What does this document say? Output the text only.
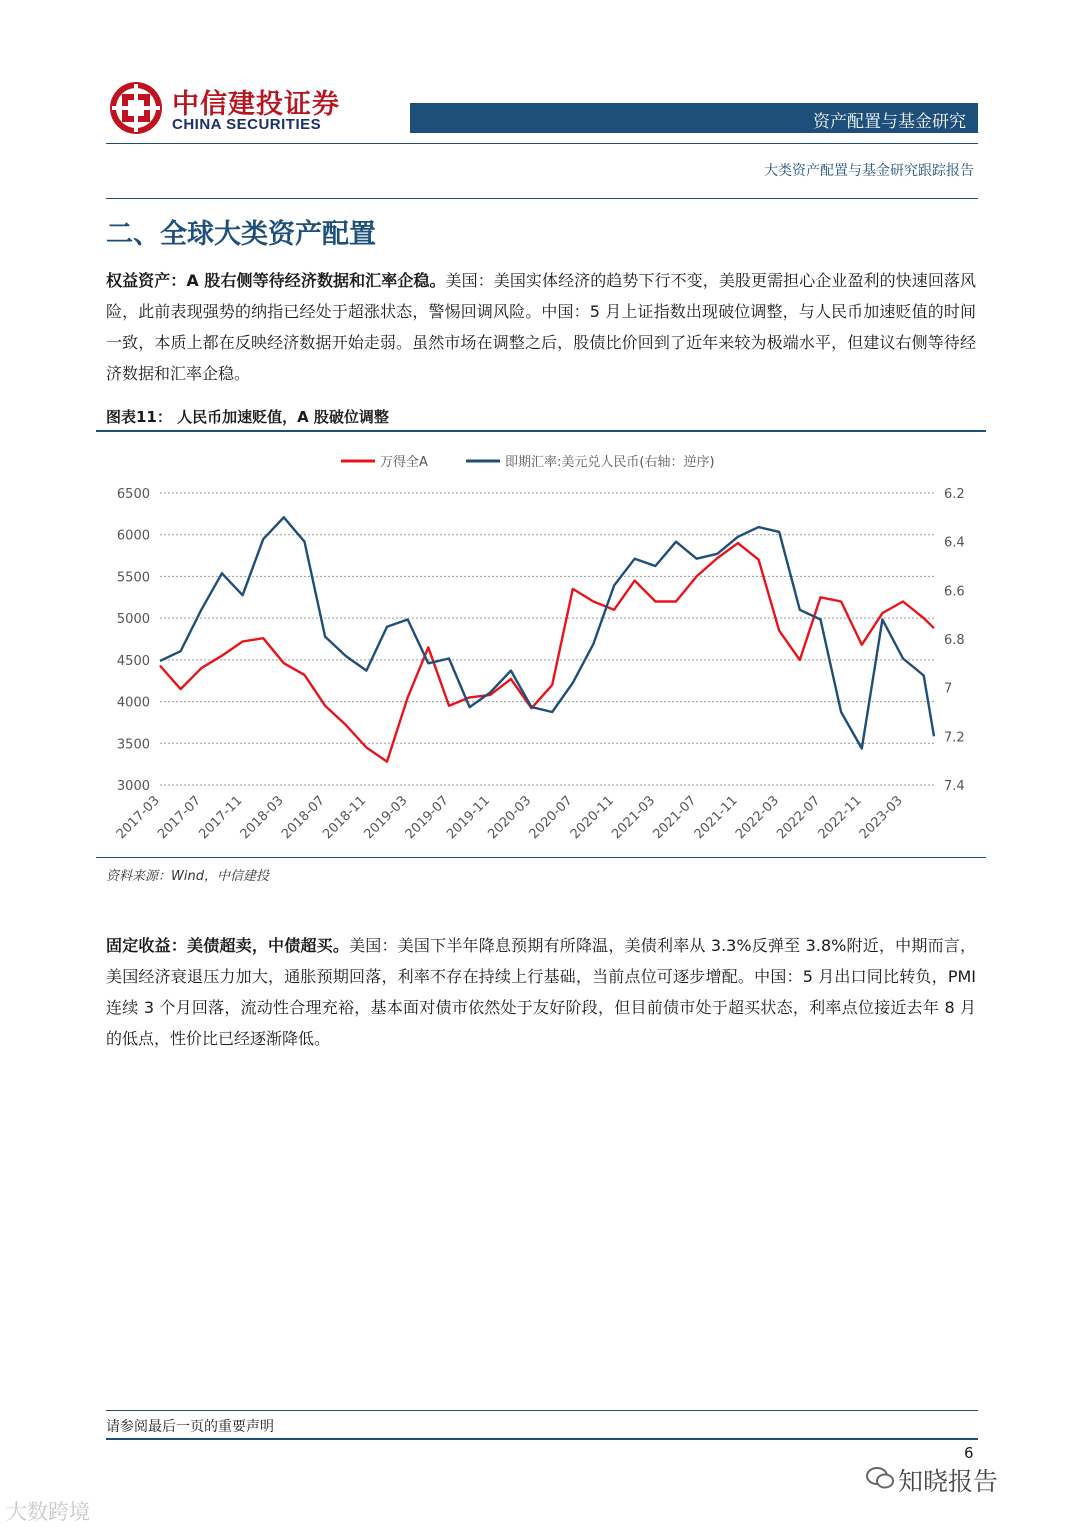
中信建投证券
CHINA SECURITIES	资产配置与基金研究
大类资产配置与基金研究跟踪报告
二、全球大类资产配置
权益资产：A 股右侧等待经济数据和汇率企稳。美国：美国实体经济的趋势下行不变，美股更需担心企业盈利的快速回落风险，此前表现强势的纳指已经处于超涨状态，警惕回调风险。中国：5 月上证指数出现破位调整，与人民币加速贬值的时间一致，本质上都在反映经济数据开始走弱。虽然市场在调整之后，股债比价回到了近年来较为极端水平，但建议右侧等待经济数据和汇率企稳。
图表11： 人民币加速贬值，A 股破位调整
6500
6000
5500
5000
4500
4000
3500
3000
6.2
6.4
6.6
6.8
7
7.2
7.4
2017-03
2017-07
2017-11
2018-03
2018-07
2018-11
2019-03
2019-07
2019-11
2020-03
2020-07
2020-11
2021-03
2021-07
2021-11
2022-03
2022-07
2022-11
2023-03
万得全A	即期汇率:美元兑人民币(右轴：逆序)
资料来源：Wind，中信建投
固定收益：美债超卖，中债超买。美国：美国下半年降息预期有所降温，美债利率从 3.3%反弹至 3.8%附近，中期而言，美国经济衰退压力加大，通胀预期回落，利率不存在持续上行基础，当前点位可逐步增配。中国：5 月出口同比转负，PMI 连续 3 个月回落，流动性合理充裕，基本面对债市依然处于友好阶段，但目前债市处于超买状态，利率点位接近去年 8 月的低点，性价比已经逐渐降低。
请参阅最后一页的重要声明
6
知晓报告
大数跨境
